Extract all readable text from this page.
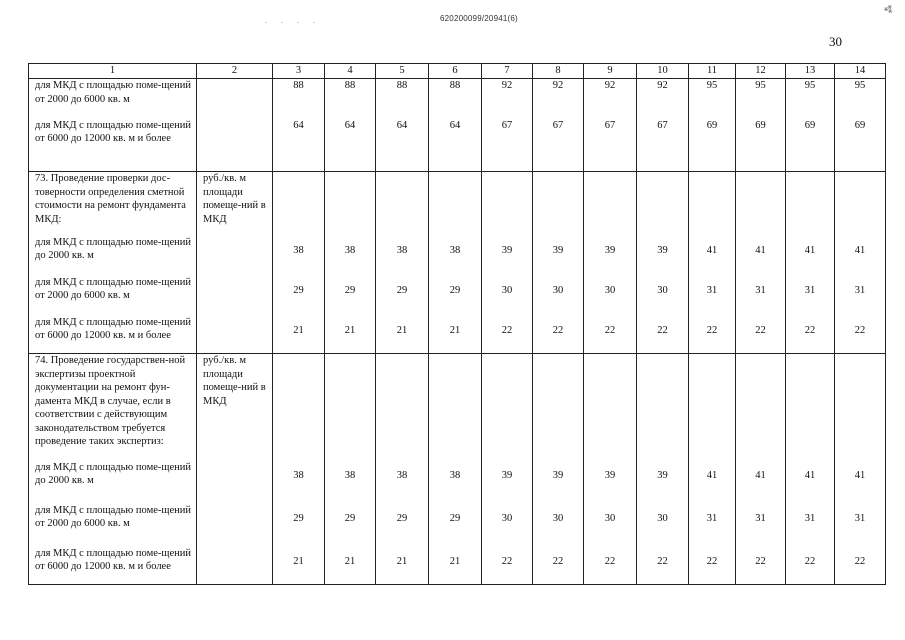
. . . .	620200099/20941(6)
⁂
30
1	2	3	4	5	6	7	8	9	10	11	12	13	14
для МКД с площадью поме-щений от 2000 до 6000 кв. м		88	88	88	88	92	92	92	92	95	95	95	95
для МКД с площадью поме-щений от 6000 до 12000 кв. м и более		64	64	64	64	67	67	67	67	69	69	69	69
73. Проведение проверки дос-товерности определения сметной стоимости на ремонт фундамента МКД:	руб./кв. м площади помеще-ний в МКД												
для МКД с площадью поме-щений до 2000 кв. м		38	38	38	38	39	39	39	39	41	41	41	41
для МКД с площадью поме-щений от 2000 до 6000 кв. м		29	29	29	29	30	30	30	30	31	31	31	31
для МКД с площадью поме-щений от 6000 до 12000 кв. м и более		21	21	21	21	22	22	22	22	22	22	22	22
74. Проведение государствен-ной экспертизы проектной документации на ремонт фун-дамента МКД в случае, если в соответствии с действующим законодательством требуется проведение таких экспертиз:	руб./кв. м площади помеще-ний в МКД												
для МКД с площадью поме-щений до 2000 кв. м		38	38	38	38	39	39	39	39	41	41	41	41
для МКД с площадью поме-щений от 2000 до 6000 кв. м		29	29	29	29	30	30	30	30	31	31	31	31
для МКД с площадью поме-щений от 6000 до 12000 кв. м и более		21	21	21	21	22	22	22	22	22	22	22	22
